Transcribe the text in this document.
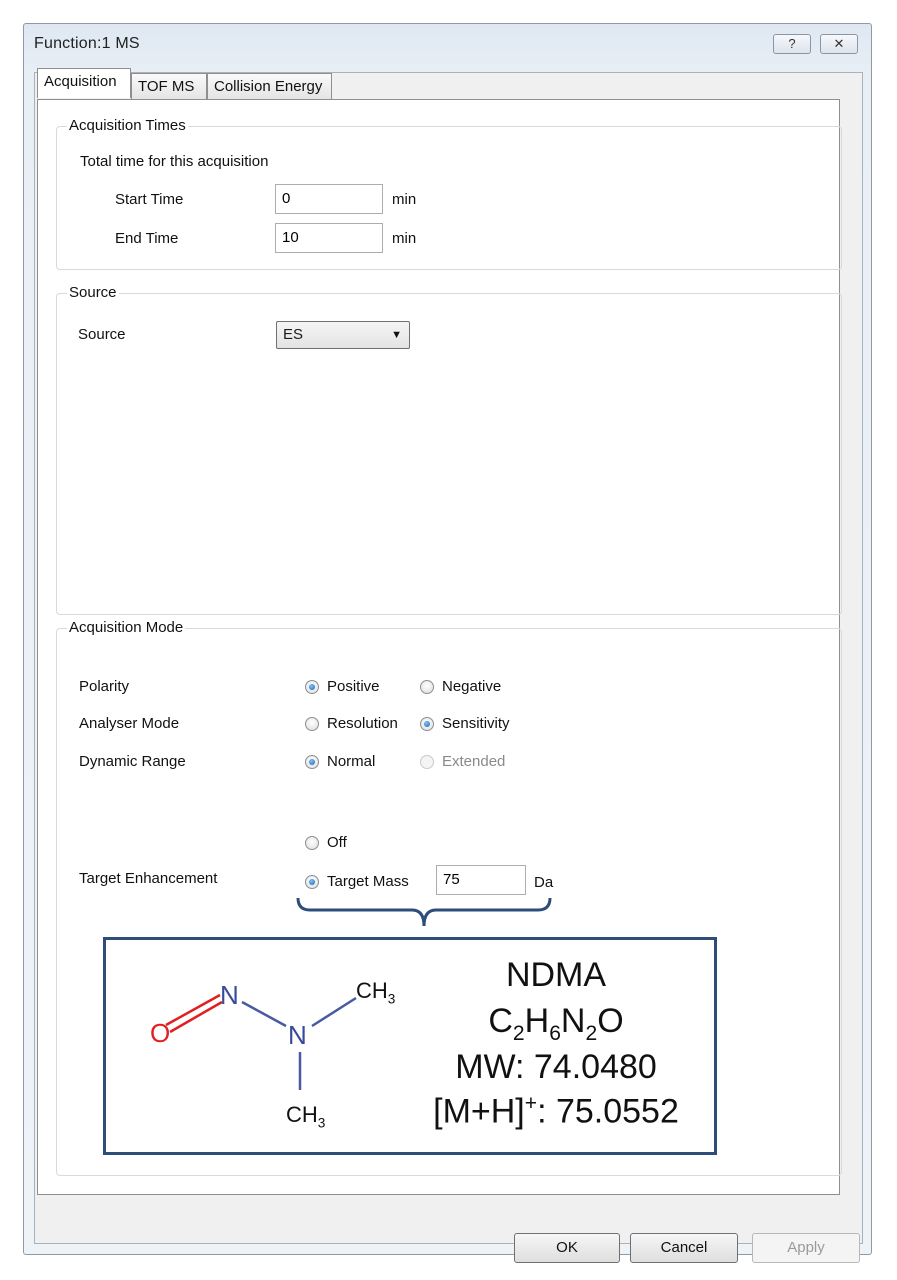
Function:1 MS	?	✕
Acquisition	TOF MS	Collision Energy
Acquisition Times
Total time for this acquisition
Start Time	0	min
End Time	10	min
Source
Source	ES	▼
Acquisition Mode
Polarity	Positive	Negative
Analyser Mode	Resolution	Sensitivity
Dynamic Range	Normal	Extended
Off
Target Enhancement	Target Mass	75	Da
OK	Cancel	Apply
O
N
N
$CH_3$
$CH_3$
NDMA
$C_2H_6N_2O$
MW: 74.0480
[M+H]+: 75.0552
